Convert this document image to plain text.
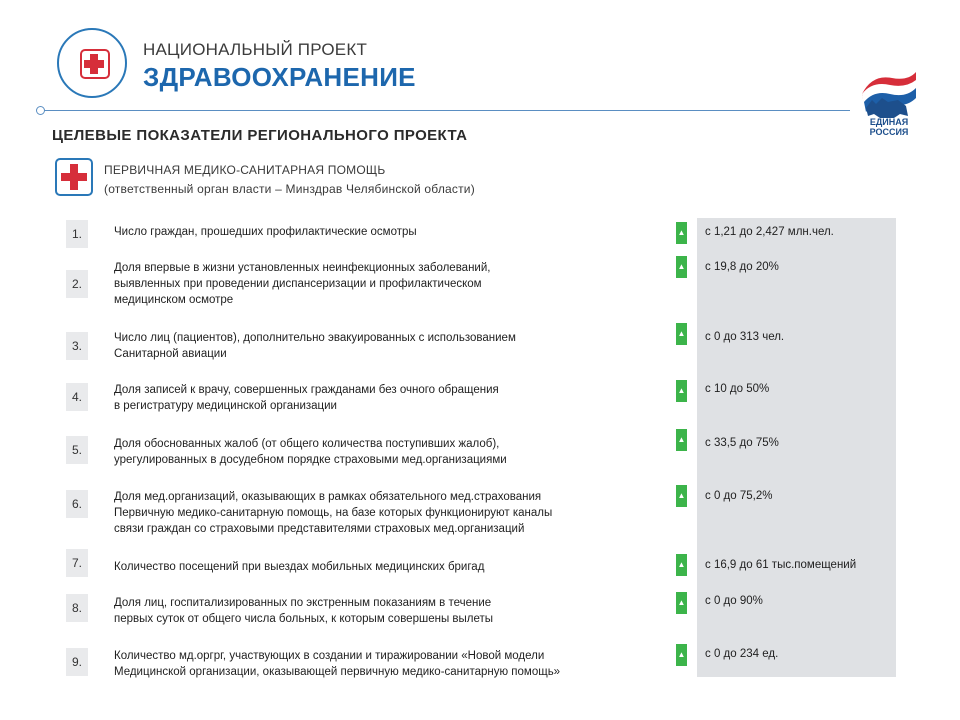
НАЦИОНАЛЬНЫЙ ПРОЕКТ
ЗДРАВООХРАНЕНИЕ
ЕДИНАЯ
РОССИЯ
ЦЕЛЕВЫЕ ПОКАЗАТЕЛИ РЕГИОНАЛЬНОГО ПРОЕКТА
ПЕРВИЧНАЯ МЕДИКО-САНИТАРНАЯ ПОМОЩЬ
(ответственный орган власти – Минздрав Челябинской области)
1.	Число граждан, прошедших профилактические осмотры	▲ с 1,21 до 2,427 млн.чел.
2.
Доля впервые в жизни установленных неинфекционных заболеваний,
выявленных при проведении диспансеризации и профилактическом
медицинском осмотре
▲ с 19,8 до 20%
3.
Число лиц (пациентов), дополнительно эвакуированных с использованием
Санитарной авиации
▲ с 0 до 313 чел.
4.	Доля записей к врачу, совершенных гражданами без очного обращения
в регистратуру медицинской организации
▲ с 10 до 50%
5.	Доля обоснованных жалоб (от общего количества поступивших жалоб),
урегулированных в досудебном порядке страховыми мед.организациями
▲ с 33,5 до 75%
6.	Доля мед.организаций, оказывающих в рамках обязательного мед.страхования
Первичную медико-санитарную помощь, на базе которых функционируют каналы
связи граждан со страховыми представителями страховых мед.организаций
▲ с 0 до 75,2%
7.	Количество посещений при выездах мобильных медицинских бригад	▲ с 16,9 до 61 тыс.помещений
8.	Доля лиц, госпитализированных по экстренным показаниям в течение
первых суток от общего числа больных, к которым совершены вылеты
▲ с 0 до 90%
9.	Количество мд.оргрг, участвующих в создании и тиражировании «Новой модели
Медицинской организации, оказывающей первичную медико-санитарную помощь»
▲ с 0 до 234 ед.
